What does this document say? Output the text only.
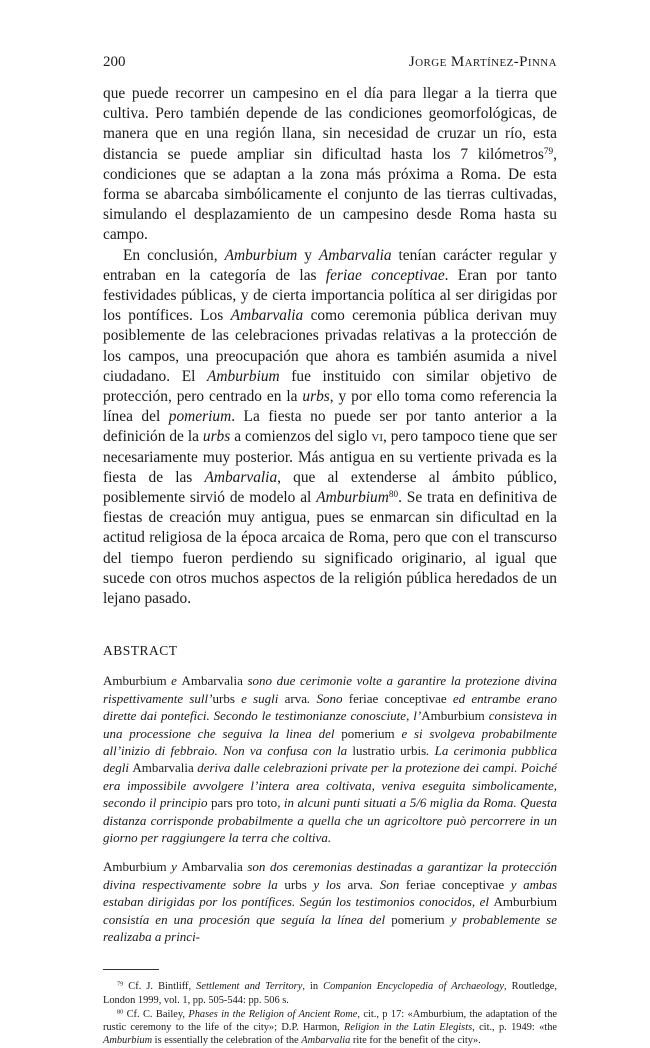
200	Jorge Martínez-Pinna

que puede recorrer un campesino en el día para llegar a la tierra que cultiva. Pero también depende de las condiciones geomorfológicas, de manera que en una región llana, sin necesidad de cruzar un río, esta distancia se puede ampliar sin dificultad hasta los 7 kilómetros$^{79}$, condiciones que se adaptan a la zona más próxima a Roma. De esta forma se abarcaba simbólicamente el conjunto de las tierras cultivadas, simulando el desplazamiento de un campesino desde Roma hasta su campo.

En conclusión, Amburbium y Ambarvalia tenían carácter regular y entraban en la categoría de las feriae conceptivae. Eran por tanto festividades públicas, y de cierta importancia política al ser dirigidas por los pontífices. Los Ambarvalia como ceremonia pública derivan muy posiblemente de las celebraciones privadas relativas a la protección de los campos, una preocupación que ahora es también asumida a nivel ciudadano. El Amburbium fue instituido con similar objetivo de protección, pero centrado en la urbs, y por ello toma como referencia la línea del pomerium. La fiesta no puede ser por tanto anterior a la definición de la urbs a comienzos del siglo vi, pero tampoco tiene que ser necesariamente muy posterior. Más antigua en su vertiente privada es la fiesta de las Ambarvalia, que al extenderse al ámbito público, posiblemente sirvió de modelo al Amburbium$^{80}$. Se trata en definitiva de fiestas de creación muy antigua, pues se enmarcan sin dificultad en la actitud religiosa de la época arcaica de Roma, pero que con el transcurso del tiempo fueron perdiendo su significado originario, al igual que sucede con otros muchos aspectos de la religión pública heredados de un lejano pasado.

ABSTRACT

Amburbium e Ambarvalia sono due cerimonie volte a garantire la protezione divina rispettivamente sull’urbs e sugli arva. Sono feriae conceptivae ed entrambe erano dirette dai pontefici. Secondo le testimonianze conosciute, l’Amburbium consisteva in una processione che seguiva la linea del pomerium e si svolgeva probabilmente all’inizio di febbraio. Non va confusa con la lustratio urbis. La cerimonia pubblica degli Ambarvalia deriva dalle celebrazioni private per la protezione dei campi. Poiché era impossibile avvolgere l’intera area coltivata, veniva eseguita simbolicamente, secondo il principio pars pro toto, in alcuni punti situati a 5/6 miglia da Roma. Questa distanza corrisponde probabilmente a quella che un agricoltore può percorrere in un giorno per raggiungere la terra che coltiva.

Amburbium y Ambarvalia son dos ceremonias destinadas a garantizar la protección divina respectivamente sobre la urbs y los arva. Son feriae conceptivae y ambas estaban dirigidas por los pontífices. Según los testimonios conocidos, el Amburbium consistía en una procesión que seguía la línea del pomerium y probablemente se realizaba a princi-

$^{79}$ Cf. J. Bintliff, Settlement and Territory, in Companion Encyclopedia of Archaeology, Routledge, London 1999, vol. 1, pp. 505-544: pp. 506 s.

$^{80}$ Cf. C. Bailey, Phases in the Religion of Ancient Rome, cit., p 17: «Amburbium, the adaptation of the rustic ceremony to the life of the city»; D.P. Harmon, Religion in the Latin Elegists, cit., p. 1949: «the Amburbium is essentially the celebration of the Ambarvalia rite for the benefit of the city».
